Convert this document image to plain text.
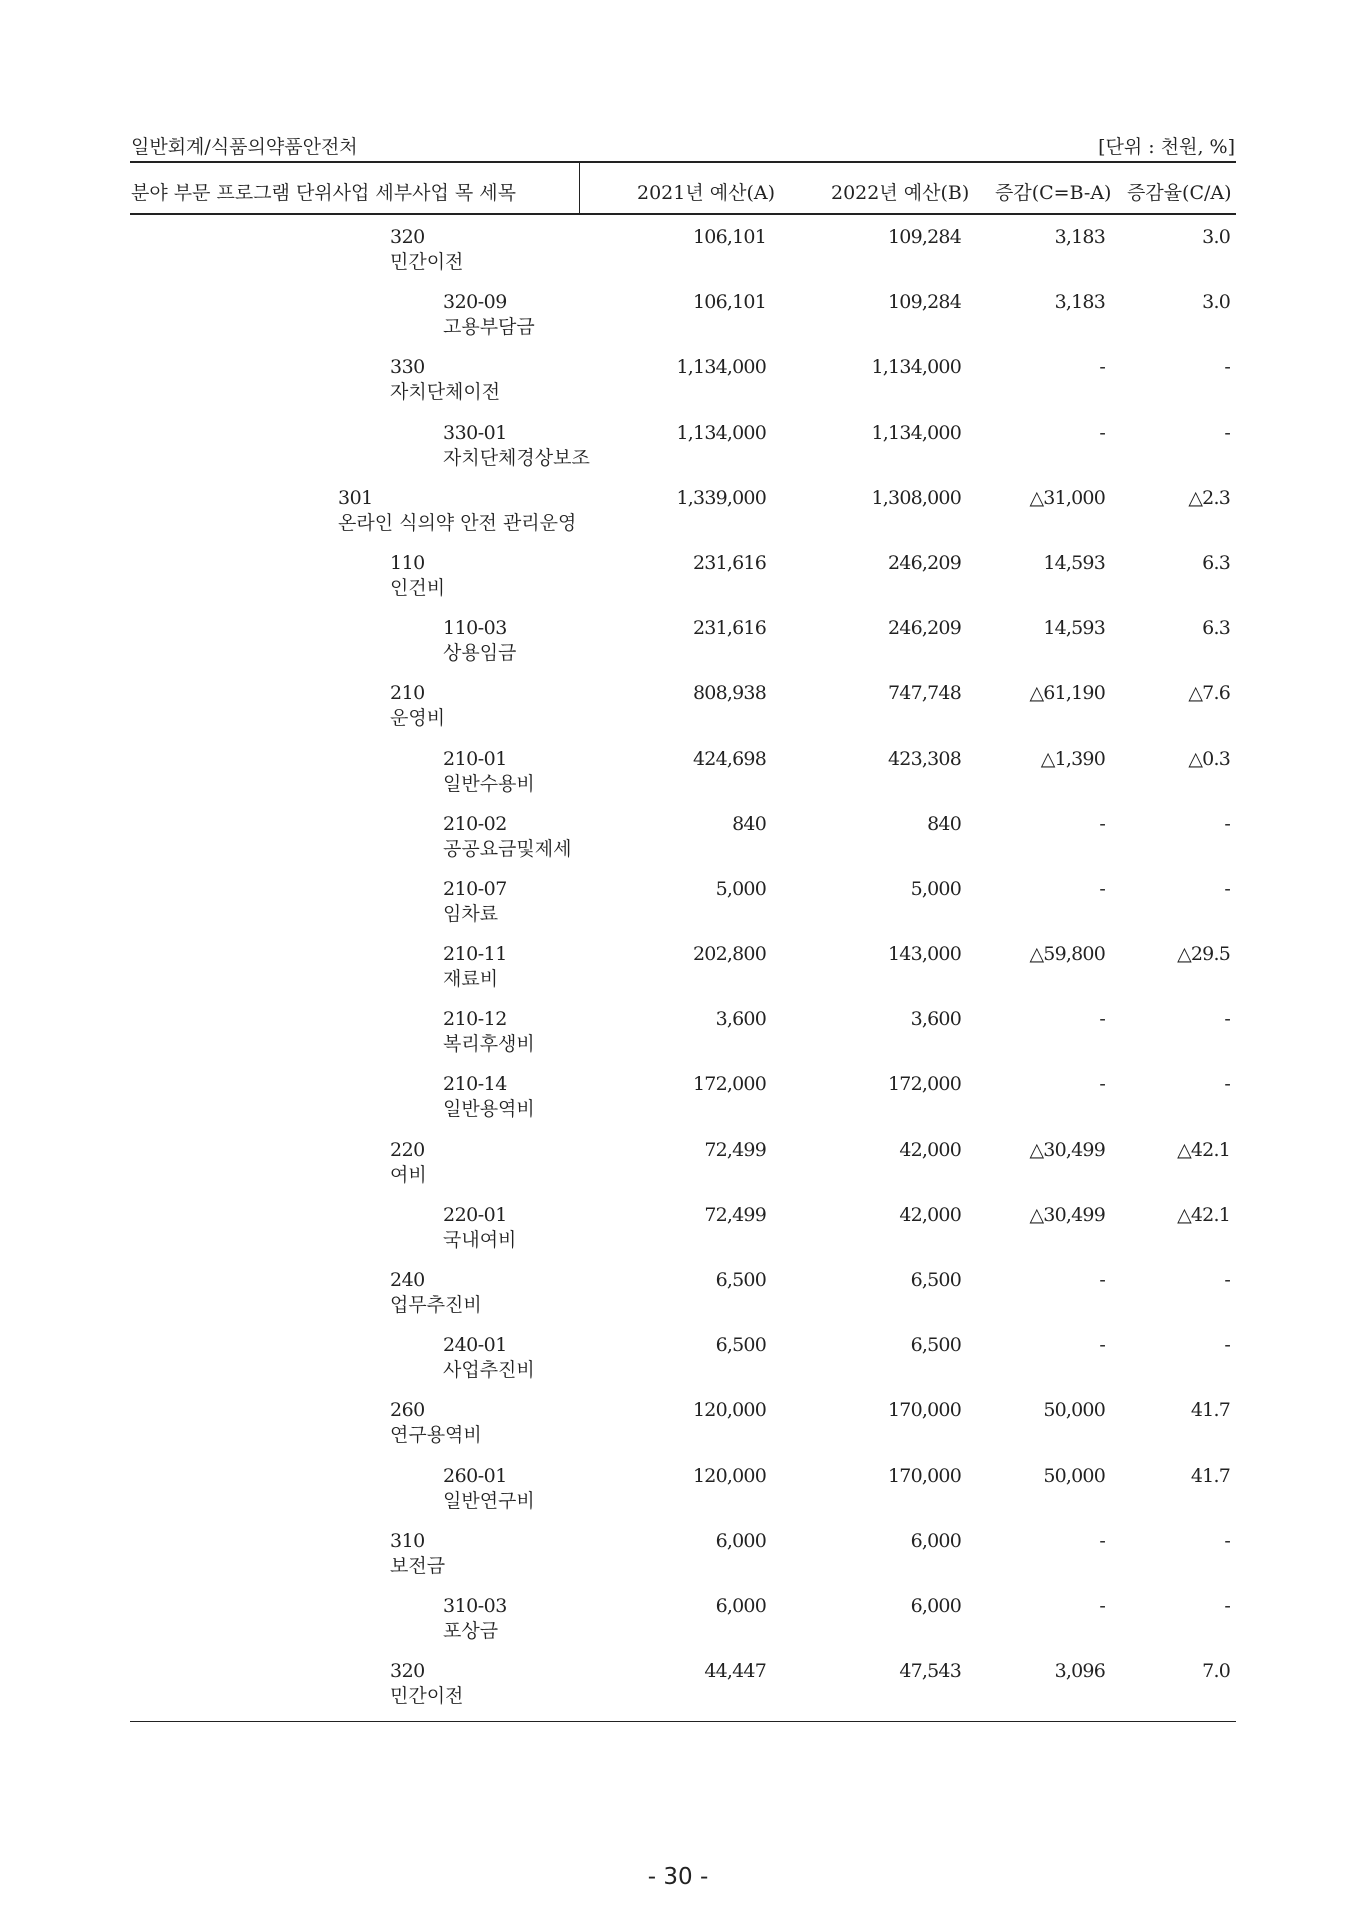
일반회계/식품의약품안전처	[단위 : 천원, %]
분야 부문 프로그램 단위사업 세부사업 목 세목	2021년 예산(A)	2022년 예산(B) 증감(C=B-A) 증감율(C/A)
320
민간이전
106,101	109,284	3,183	3.0
320-09
고용부담금
106,101	109,284	3,183	3.0
330
자치단체이전
1,134,000	1,134,000	-	-
330-01
자치단체경상보조
1,134,000	1,134,000	-	-
301
온라인 식의약 안전 관리운영
1,339,000	1,308,000	△31,000	△2.3
110
인건비
231,616	246,209	14,593	6.3
110-03
상용임금
231,616	246,209	14,593	6.3
210
운영비
808,938	747,748	△61,190	△7.6
210-01
일반수용비
424,698	423,308	△1,390	△0.3
210-02
공공요금및제세
840	840	-	-
210-07
임차료
5,000	5,000	-	-
210-11
재료비
202,800	143,000	△59,800	△29.5
210-12
복리후생비
3,600	3,600	-	-
210-14
일반용역비
172,000	172,000	-	-
220
여비
72,499	42,000	△30,499	△42.1
220-01
국내여비
72,499	42,000	△30,499	△42.1
240
업무추진비
6,500	6,500	-	-
240-01
사업추진비
6,500	6,500	-	-
260
연구용역비
120,000	170,000	50,000	41.7
260-01
일반연구비
120,000	170,000	50,000	41.7
310
보전금
6,000	6,000	-	-
310-03
포상금
6,000	6,000	-	-
320
민간이전
44,447	47,543	3,096	7.0
- 30 -
